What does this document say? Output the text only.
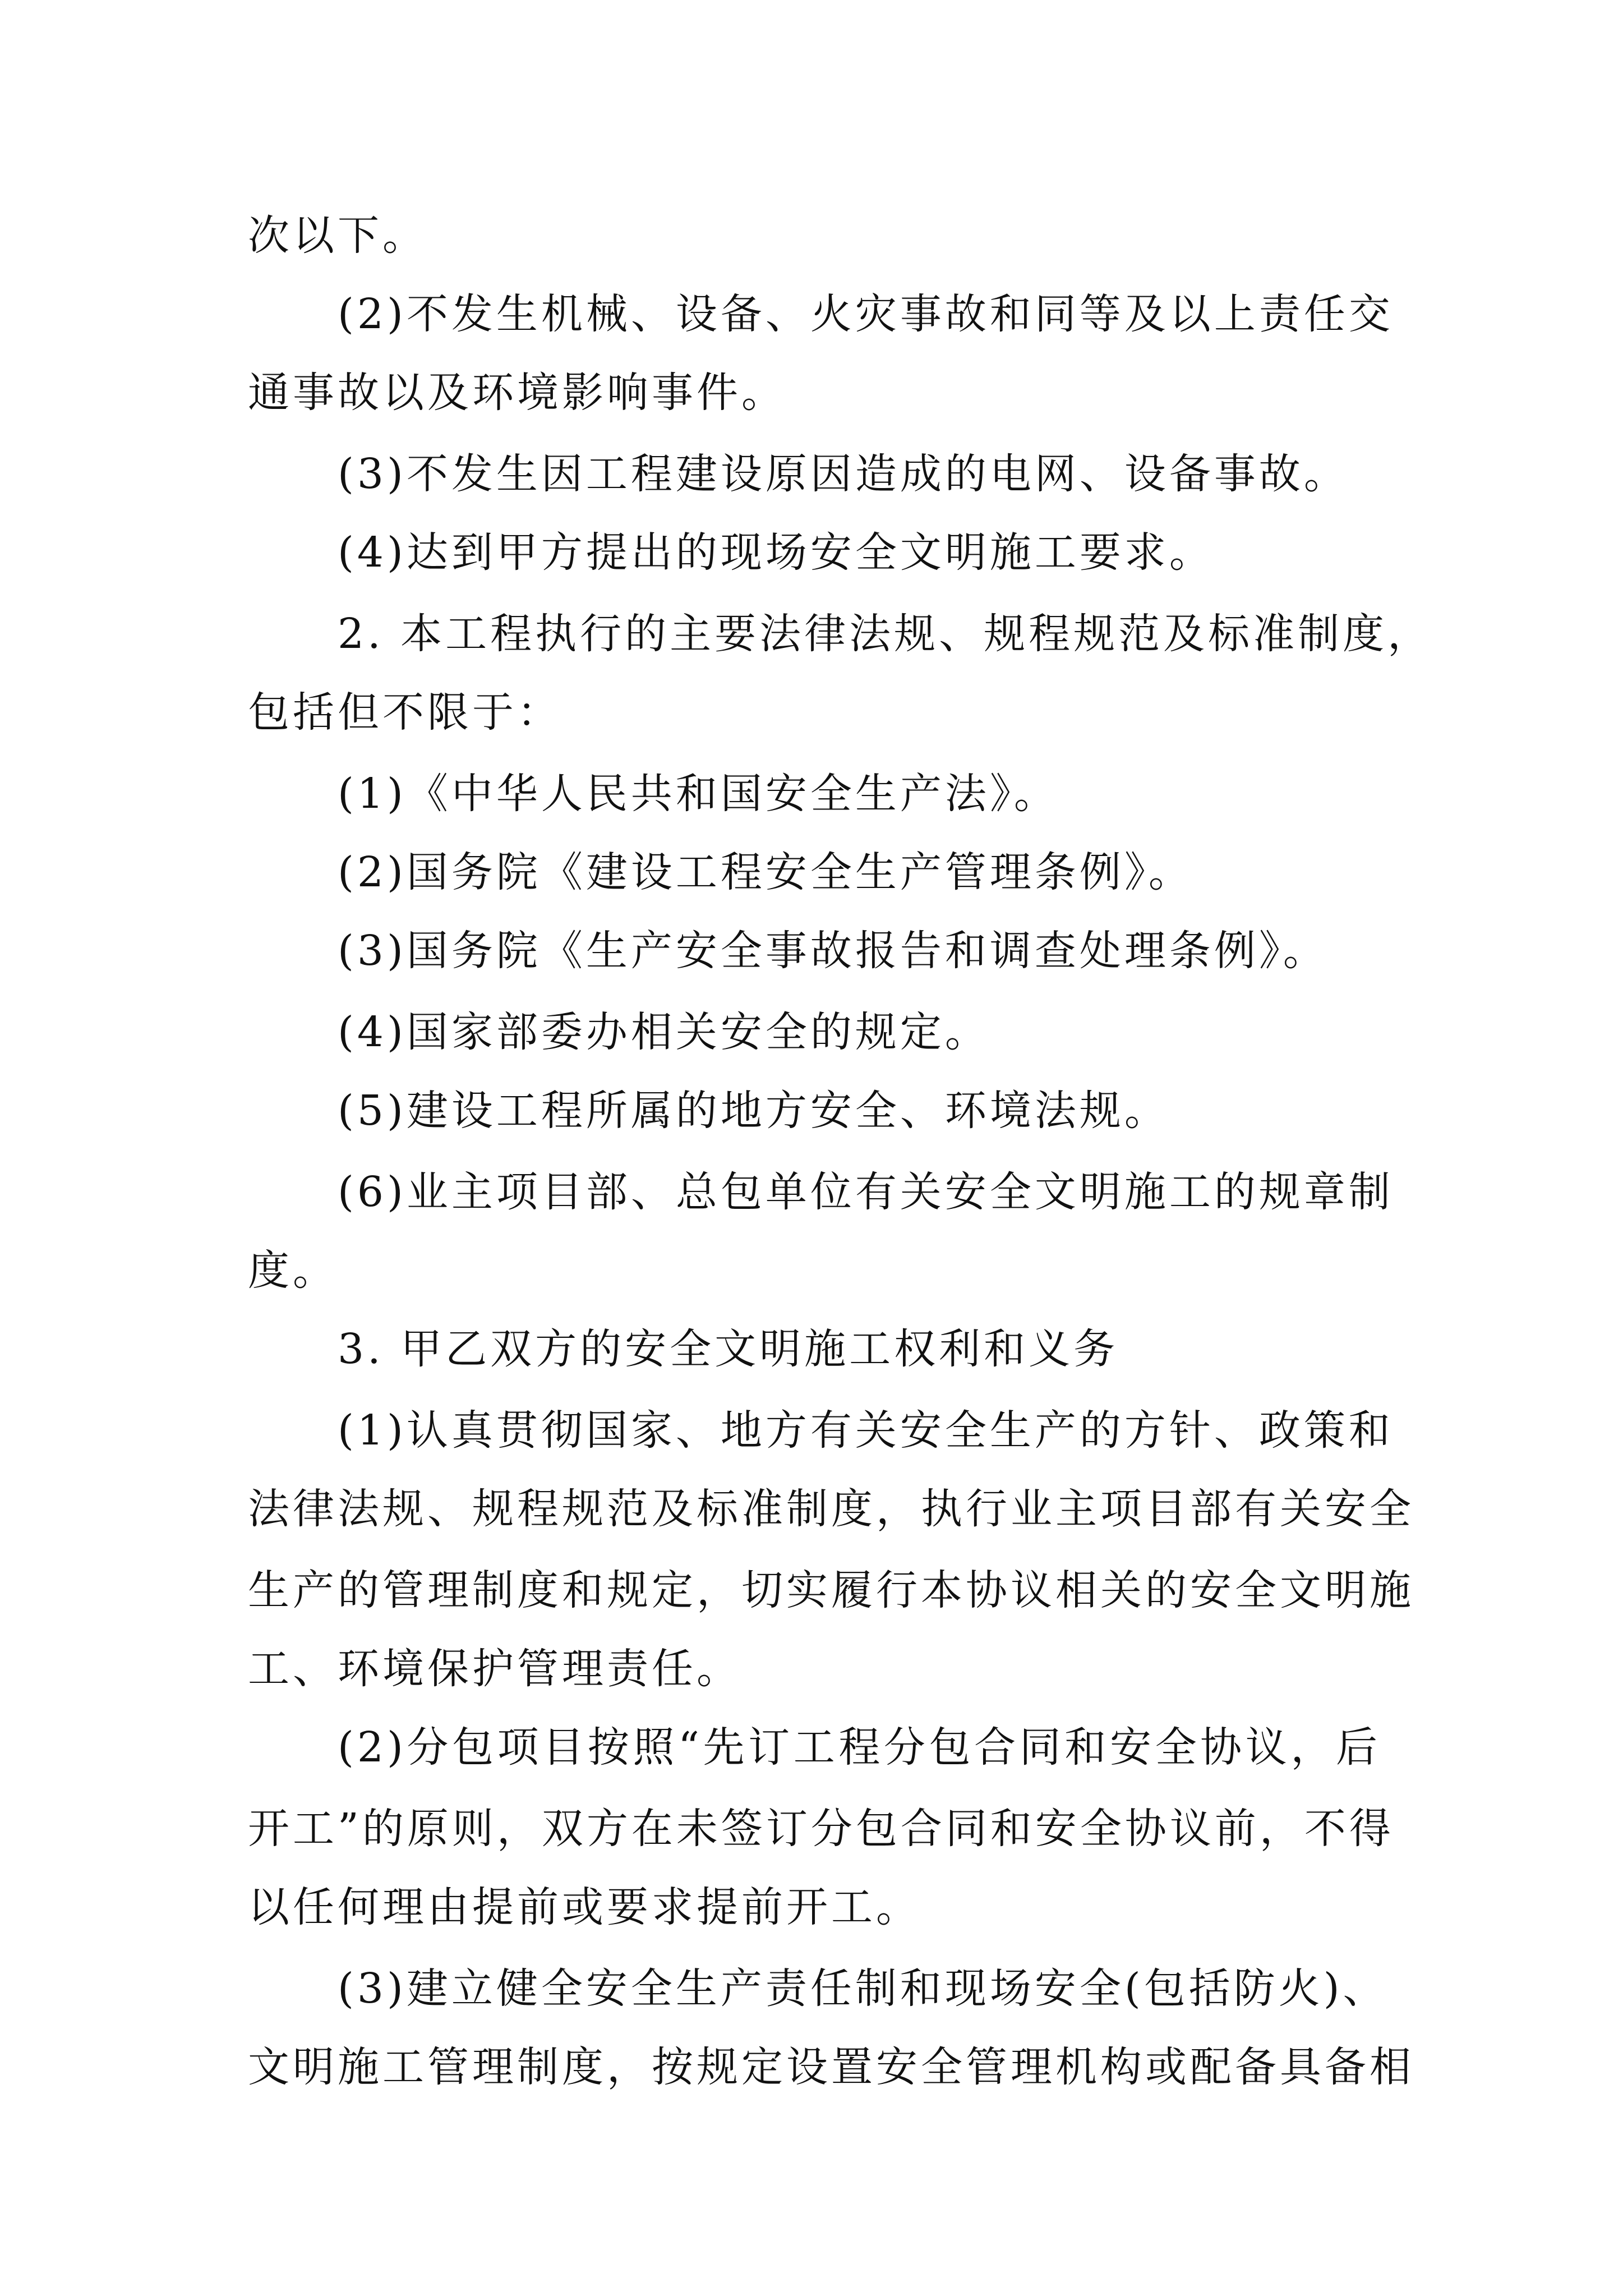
次以下。
(2)不发生机械、设备、火灾事故和同等及以上责任交
通事故以及环境影响事件。
(3)不发生因工程建设原因造成的电网、设备事故。
(4)达到甲方提出的现场安全文明施工要求。
2. 本工程执行的主要法律法规、规程规范及标准制度，
包括但不限于：
(1)《中华人民共和国安全生产法》。
(2)国务院《建设工程安全生产管理条例》。
(3)国务院《生产安全事故报告和调查处理条例》。
(4)国家部委办相关安全的规定。
(5)建设工程所属的地方安全、环境法规。
(6)业主项目部、总包单位有关安全文明施工的规章制
度。
3. 甲乙双方的安全文明施工权利和义务
(1)认真贯彻国家、地方有关安全生产的方针、政策和
法律法规、规程规范及标准制度，执行业主项目部有关安全
生产的管理制度和规定，切实履行本协议相关的安全文明施
工、环境保护管理责任。
(2)分包项目按照“先订工程分包合同和安全协议，后
开工”的原则，双方在未签订分包合同和安全协议前，不得
以任何理由提前或要求提前开工。
(3)建立健全安全生产责任制和现场安全(包括防火)、
文明施工管理制度，按规定设置安全管理机构或配备具备相
